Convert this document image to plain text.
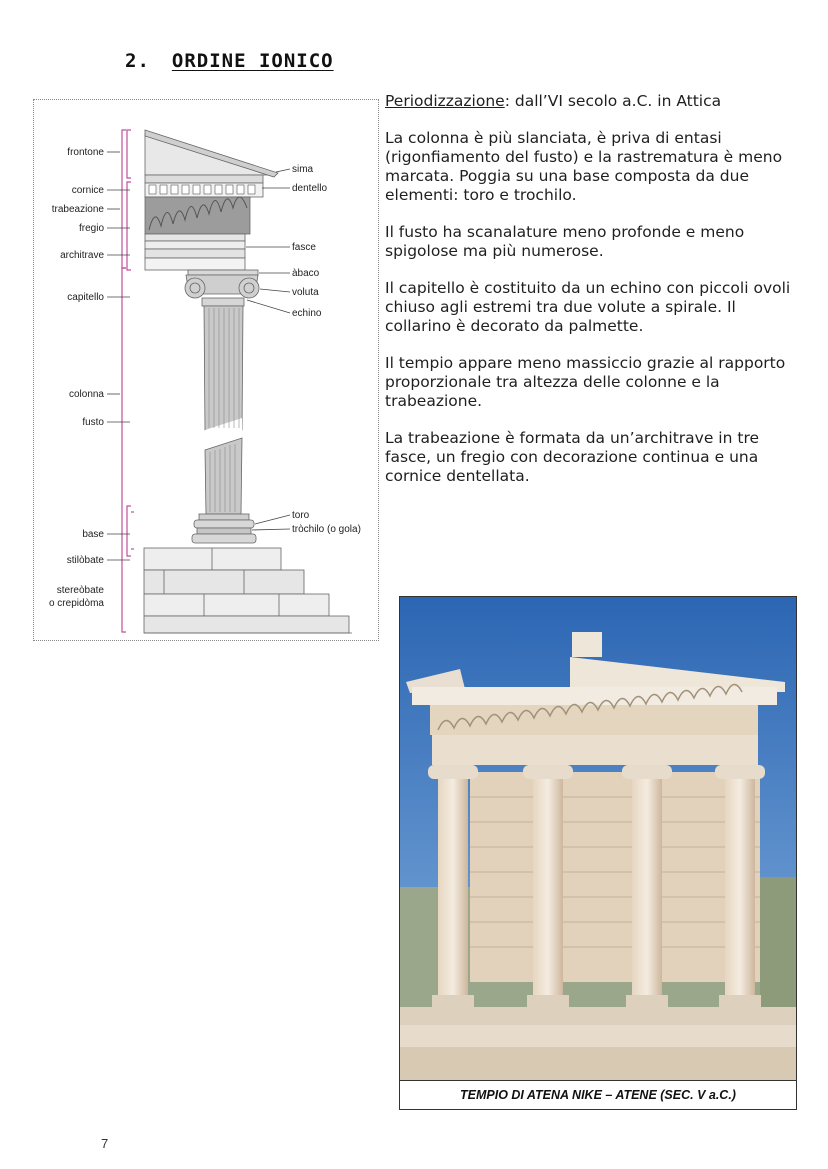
2. ORDINE IONICO
frontone
cornice
trabeazione
fregio
architrave
capitello
colonna
fusto
base
stilòbate
stereòbate
o crepidòma
sima
dentello
fasce
àbaco
voluta
echino
toro
tròchilo (o gola)

Periodizzazione: dall’VI secolo a.C. in Attica

La colonna è più slanciata, è priva di entasi (rigonfiamento del fusto) e la rastrematura è meno marcata. Poggia su una base composta da due elementi: toro e trochilo.

Il fusto ha scanalature meno profonde e meno spigolose ma più numerose.

Il capitello è costituito da un echino con piccoli ovoli chiuso agli estremi tra due volute a spirale. Il collarino è decorato da palmette.

Il tempio appare meno massiccio grazie al rapporto proporzionale tra altezza delle colonne e la trabeazione.

La trabeazione è formata da un’architrave in tre fasce, un fregio con decorazione continua e una cornice dentellata.

TEMPIO DI ATENA NIKE – ATENE (SEC. V a.C.)
7
